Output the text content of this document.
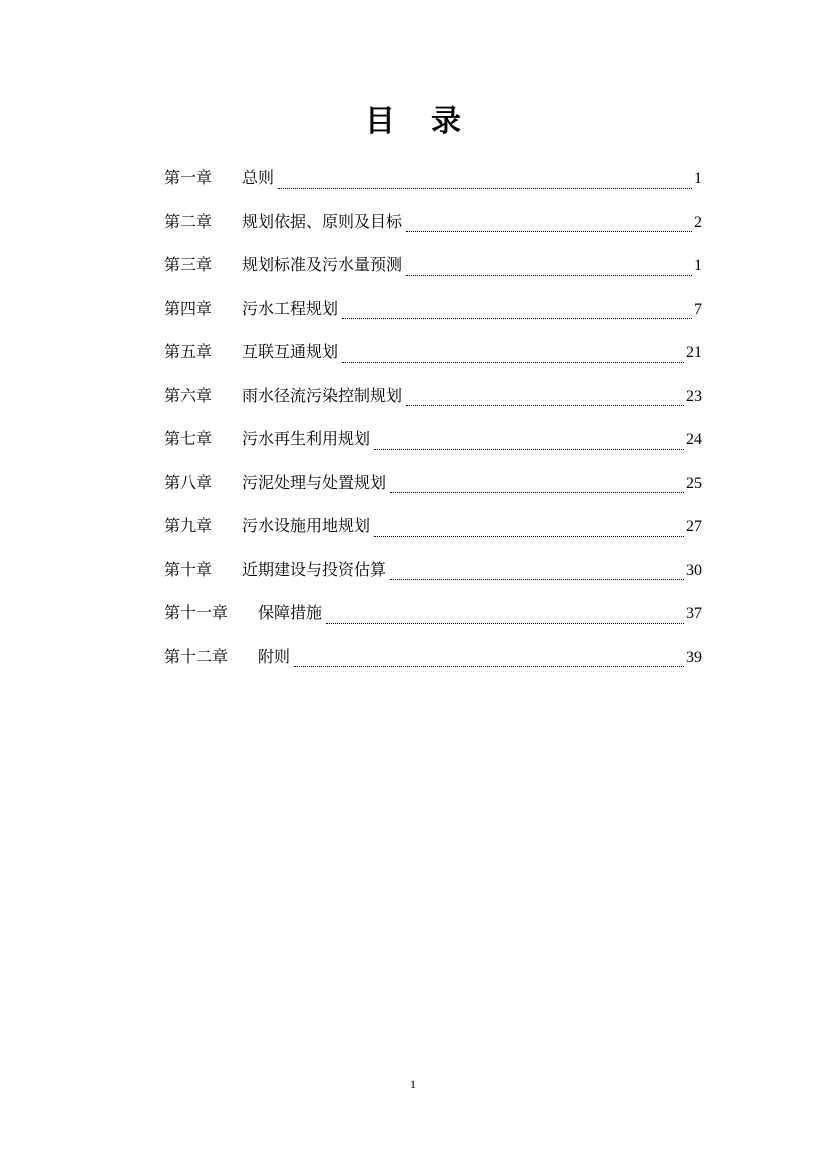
目 录
第一章	总则	1
第二章	规划依据、原则及目标	2
第三章	规划标准及污水量预测	1
第四章	污水工程规划	7
第五章	互联互通规划	21
第六章	雨水径流污染控制规划	23
第七章	污水再生利用规划	24
第八章	污泥处理与处置规划	25
第九章	污水设施用地规划	27
第十章	近期建设与投资估算	30
第十一章	保障措施	37
第十二章	附则	39
1
